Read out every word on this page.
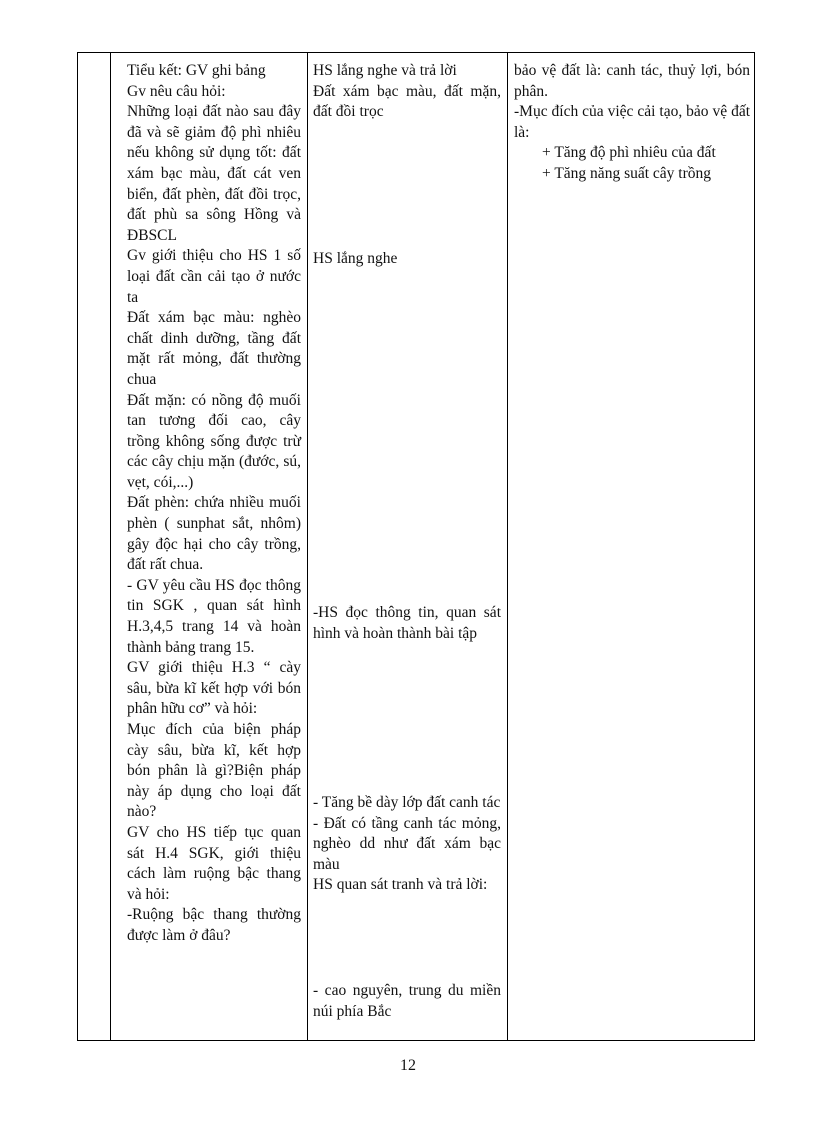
Tiểu kết: GV ghi bảng

Gv nêu câu hỏi:

Những loại đất nào sau đây đã và sẽ giảm độ phì nhiêu nếu không sử dụng tốt: đất xám bạc màu, đất cát ven biển, đất phèn, đất đồi trọc, đất phù sa sông Hồng và ĐBSCL

Gv giới thiệu cho HS 1 số loại đất cần cải tạo ở nước ta

Đất xám bạc màu: nghèo chất dinh dưỡng, tầng đất mặt rất mỏng, đất thường chua

Đất mặn: có nồng độ muối tan tương đối cao, cây trồng không sống được trừ các cây chịu mặn (đước, sú, vẹt, cói,...)

Đất phèn: chứa nhiều muối phèn ( sunphat sắt, nhôm) gây độc hại cho cây trồng, đất rất chua.

- GV yêu cầu HS đọc thông tin SGK , quan sát hình H.3,4,5 trang 14 và hoàn thành bảng trang 15.

GV giới thiệu H.3 “ cày sâu, bừa kĩ kết hợp với bón phân hữu cơ” và hỏi:

Mục đích của biện pháp cày sâu, bừa kĩ, kết hợp bón phân là gì?Biện pháp này áp dụng cho loại đất nào?

GV cho HS tiếp tục quan sát H.4 SGK, giới thiệu cách làm ruộng bậc thang và hỏi:

-Ruộng bậc thang thường được làm ở đâu?

HS lắng nghe và trả lời

Đất xám bạc màu, đất mặn, đất đồi trọc

HS lắng nghe

-HS đọc thông tin, quan sát hình và hoàn thành bài tập

- Tăng bề dày lớp đất canh tác

- Đất có tầng canh tác mỏng, nghèo dd như đất xám bạc màu

HS quan sát tranh và trả lời:

- cao nguyên, trung du miền núi phía Bắc

bảo vệ đất là: canh tác, thuỷ lợi, bón phân.

-Mục đích của việc cải tạo, bảo vệ đất là:

+ Tăng độ phì nhiêu của đất

+ Tăng năng suất cây trồng

12
